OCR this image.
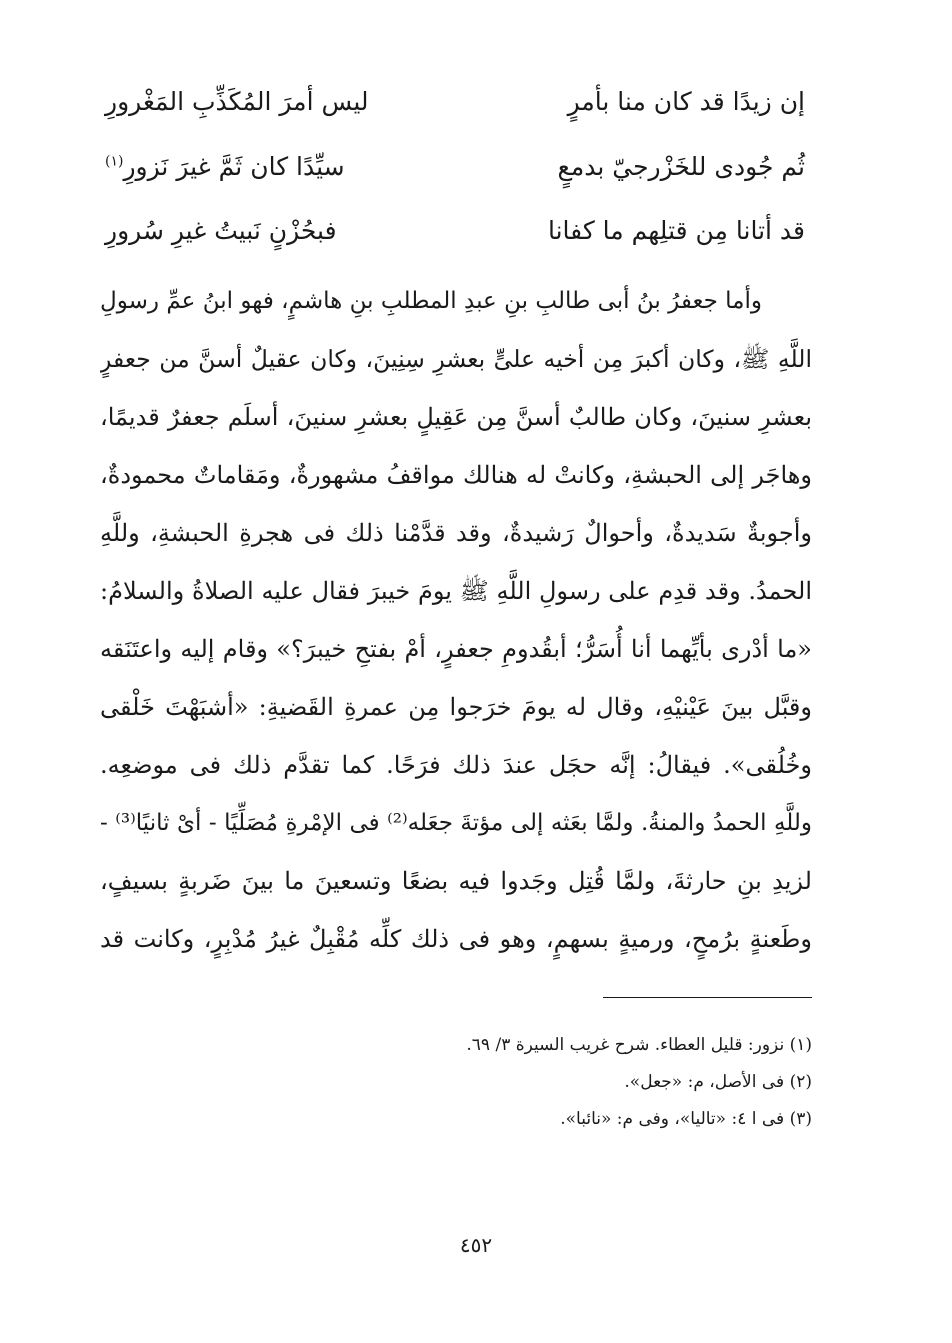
إن زيدًا قد كان منا بأمرٍ
ليس أمرَ المُكَذِّبِ المَغْرورِ
ثُم جُودى للخَزْرجيّ بدمعٍ
سيِّدًا كان ثَمَّ غيرَ نَزورِ$^{(١)}$
قد أتانا مِن قتلِهم ما كفانا
فبحُزْنٍ نَبيتُ غيرِ سُرورِ
وأما جعفرُ بنُ أبى طالبِ بنِ عبدِ المطلبِ بنِ هاشمٍ، فهو ابنُ عمِّ رسولِ
اللَّهِ ﷺ، وكان أكبرَ مِن أخيه علىٍّ بعشرِ سِنِينَ، وكان عقيلٌ أسنَّ من جعفرٍ
بعشرِ سنينَ، وكان طالبٌ أسنَّ مِن عَقِيلٍ بعشرِ سنينَ، أسلَم جعفرٌ قديمًا،
وهاجَر إلى الحبشةِ، وكانتْ له هنالك مواقفُ مشهورةٌ، ومَقاماتٌ محمودةٌ،
وأجوبةٌ سَديدةٌ، وأحوالٌ رَشيدةٌ، وقد قدَّمْنا ذلك فى هجرةِ الحبشةِ، وللَّهِ
الحمدُ. وقد قدِم على رسولِ اللَّهِ ﷺ يومَ خيبرَ فقال عليه الصلاةُ والسلامُ:
«ما أدْرى بأيِّهما أنا أُسَرُّ؛ أبقُدومِ جعفرٍ، أمْ بفتحِ خيبرَ؟» وقام إليه واعتَنَقه
وقبَّل بينَ عَيْنيْهِ، وقال له يومَ خرَجوا مِن عمرةِ القَضيةِ: «أشبَهْتَ خَلْقى
وخُلُقى». فيقالُ: إنَّه حجَل عندَ ذلك فرَحًا. كما تقدَّم ذلك فى موضعِه.
وللَّهِ الحمدُ والمنةُ. ولمَّا بعَثه إلى مؤتةَ جعَله⁽²⁾ فى الإمْرةِ مُصَلِّيًا - أىْ ثانيًا⁽³⁾ -
لزيدِ بنِ حارثةَ، ولمَّا قُتِل وجَدوا فيه بضعًا وتسعينَ ما بينَ ضَربةٍ بسيفٍ،
وطَعنةٍ برُمحٍ، ورميةٍ بسهمٍ، وهو فى ذلك كلِّه مُقْبِلٌ غيرُ مُدْبِرٍ، وكانت قد
(١) نزور: قليل العطاء. شرح غريب السيرة ٣/ ٦٩.
(٢) فى الأصل، م: «جعل».
(٣) فى ا ٤: «تاليا»، وفى م: «نائبا».
٤٥٢
